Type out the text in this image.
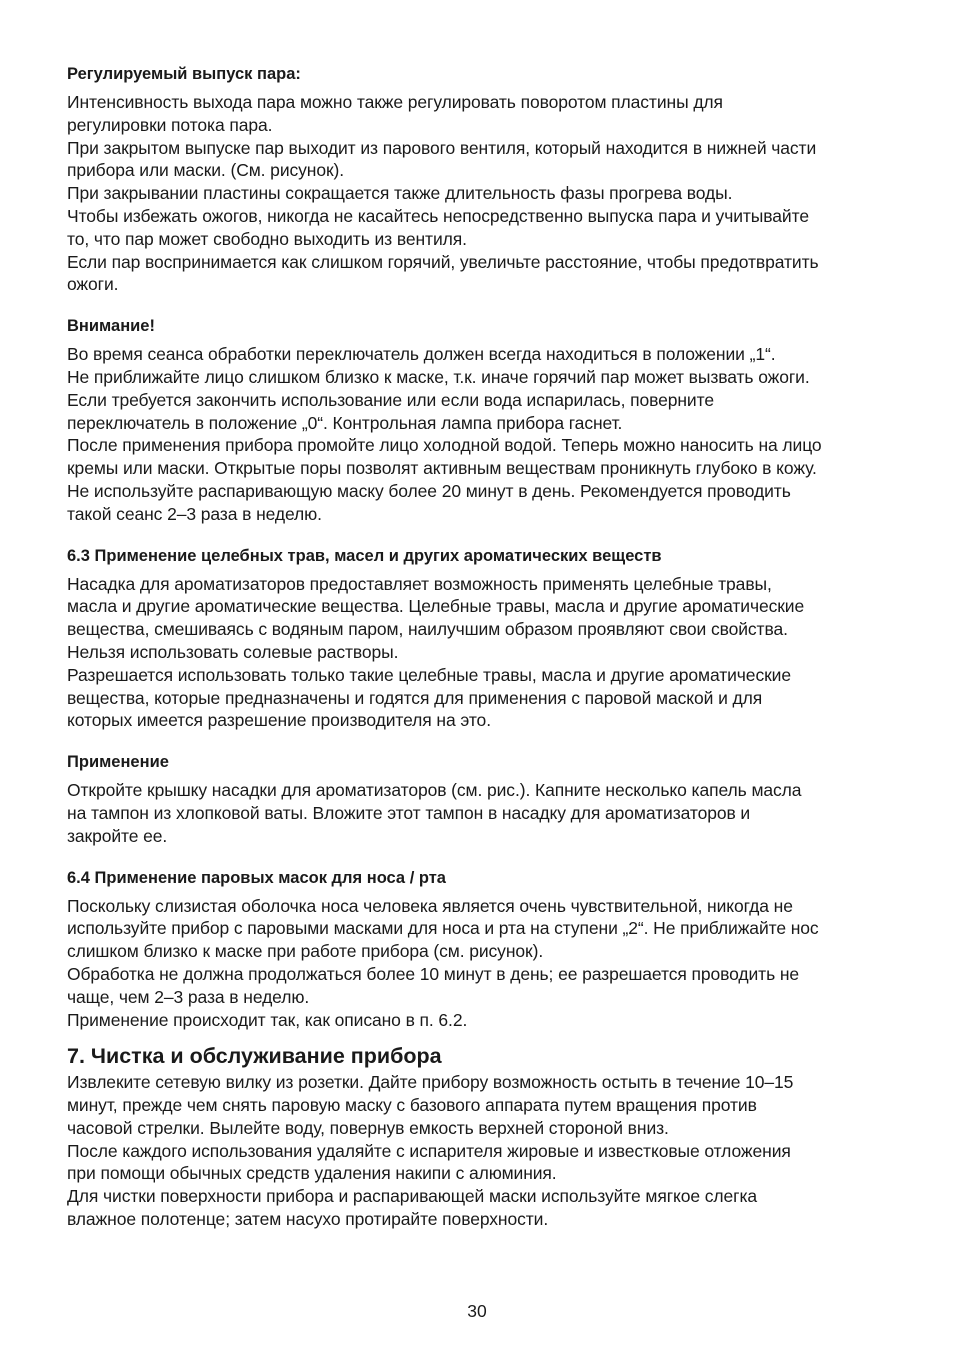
Регулируемый выпуск пара:

Интенсивность выхода пара можно также регулировать поворотом пластины для
регулировки потока пара.
При закрытом выпуске пар выходит из парового вентиля, который находится в нижней части
прибора или маски. (См. рисунок).
При закрывании пластины сокращается также длительность фазы прогрева воды.
Чтобы избежать ожогов, никогда не касайтесь непосредственно выпуска пара и учитывайте
то, что пар может свободно выходить из вентиля.
Если пар воспринимается как слишком горячий, увеличьте расстояние, чтобы предотвратить
ожоги.

Внимание!

Во время сеанса обработки переключатель должен всегда находиться в положении „1“.
Не приближайте лицо слишком близко к маске, т.к. иначе горячий пар может вызвать ожоги.
Если требуется закончить использование или если вода испарилась, поверните
переключатель в положение „0“. Контрольная лампа прибора гаснет.
После применения прибора промойте лицо холодной водой. Теперь можно наносить на лицо
кремы или маски. Открытые поры позволят активным веществам проникнуть глубоко в кожу.
Не используйте распаривающую маску более 20 минут в день. Рекомендуется проводить
такой сеанс 2–3 раза в неделю.

6.3 Применение целебных трав, масел и других ароматических веществ

Насадка для ароматизаторов предоставляет возможность применять целебные травы,
масла и другие ароматические вещества. Целебные травы, масла и другие ароматические
вещества, смешиваясь с водяным паром, наилучшим образом проявляют свои свойства.
Нельзя использовать солевые растворы.
Разрешается использовать только такие целебные травы, масла и другие ароматические
вещества, которые предназначены и годятся для применения с паровой маской и для
которых имеется разрешение производителя на это.

Применение

Откройте крышку насадки для ароматизаторов (см. рис.). Капните несколько капель масла
на тампон из хлопковой ваты. Вложите этот тампон в насадку для ароматизаторов и
закройте ее.

6.4 Применение паровых масок для носа / рта

Поскольку слизистая оболочка носа человека является очень чувствительной, никогда не
используйте прибор с паровыми масками для носа и рта на ступени „2“. Не приближайте нос
слишком близко к маске при работе прибора (см. рисунок).
Обработка не должна продолжаться более 10 минут в день; ее разрешается проводить не
чаще, чем 2–3 раза в неделю.
Применение происходит так, как описано в п. 6.2.

7. Чистка и обслуживание прибора

Извлеките сетевую вилку из розетки. Дайте прибору возможность остыть в течение 10–15
минут, прежде чем снять паровую маску с базового аппарата путем вращения против
часовой стрелки. Вылейте воду, повернув емкость верхней стороной вниз.
После каждого использования удаляйте с испарителя жировые и известковые отложения
при помощи обычных средств удаления накипи с алюминия.
Для чистки поверхности прибора и распаривающей маски используйте мягкое слегка
влажное полотенце; затем насухо протирайте поверхности.

30
